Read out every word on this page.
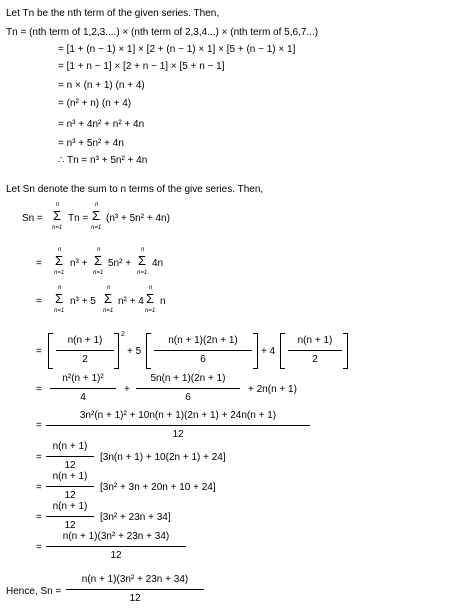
Let Tn be the nth term of the given series. Then,
Tn = (nth term of 1,2,3....) × (nth term of 2,3,4...) × (nth term of 5,6,7...)
= [1 + (n − 1) × 1] × [2 + (n − 1) × 1] × [5 + (n − 1) × 1]
= [1 + n − 1] × [2 + n − 1] × [5 + n − 1]
= n × (n + 1) (n + 4)
= (n² + n) (n + 4)
= n³ + 4n² + n² + 4n
= n³ + 5n² + 4n
∴ Tn = n³ + 5n² + 4n
Let Sn denote the sum to n terms of the give series. Then,
Sn =
n
Σ
n=1
Tn =
n
Σ
n=1
(n³ + 5n² + 4n)
=
n
Σ
n=1
n³ +
n
Σ
n=1
5n² +
n
Σ
n=1
4n
=
n
Σ
n=1
n³ + 5
n
Σ
n=1
n² + 4
n
Σ
n=1
n
=
n(n + 1)
2
2
+ 5
n(n + 1)(2n + 1)
6
+ 4
n(n + 1)
2
=
n²(n + 1)²
4
+
5n(n + 1)(2n + 1)
6
+ 2n(n + 1)
=
3n²(n + 1)² + 10n(n + 1)(2n + 1) + 24n(n + 1)
12
=
n(n + 1)
12
[3n(n + 1) + 10(2n + 1) + 24]
=
n(n + 1)
12
[3n² + 3n + 20n + 10 + 24]
=
n(n + 1)
12
[3n² + 23n + 34]
=
n(n + 1)(3n² + 23n + 34)
12
Hence, Sn =
n(n + 1)(3n² + 23n + 34)
12
